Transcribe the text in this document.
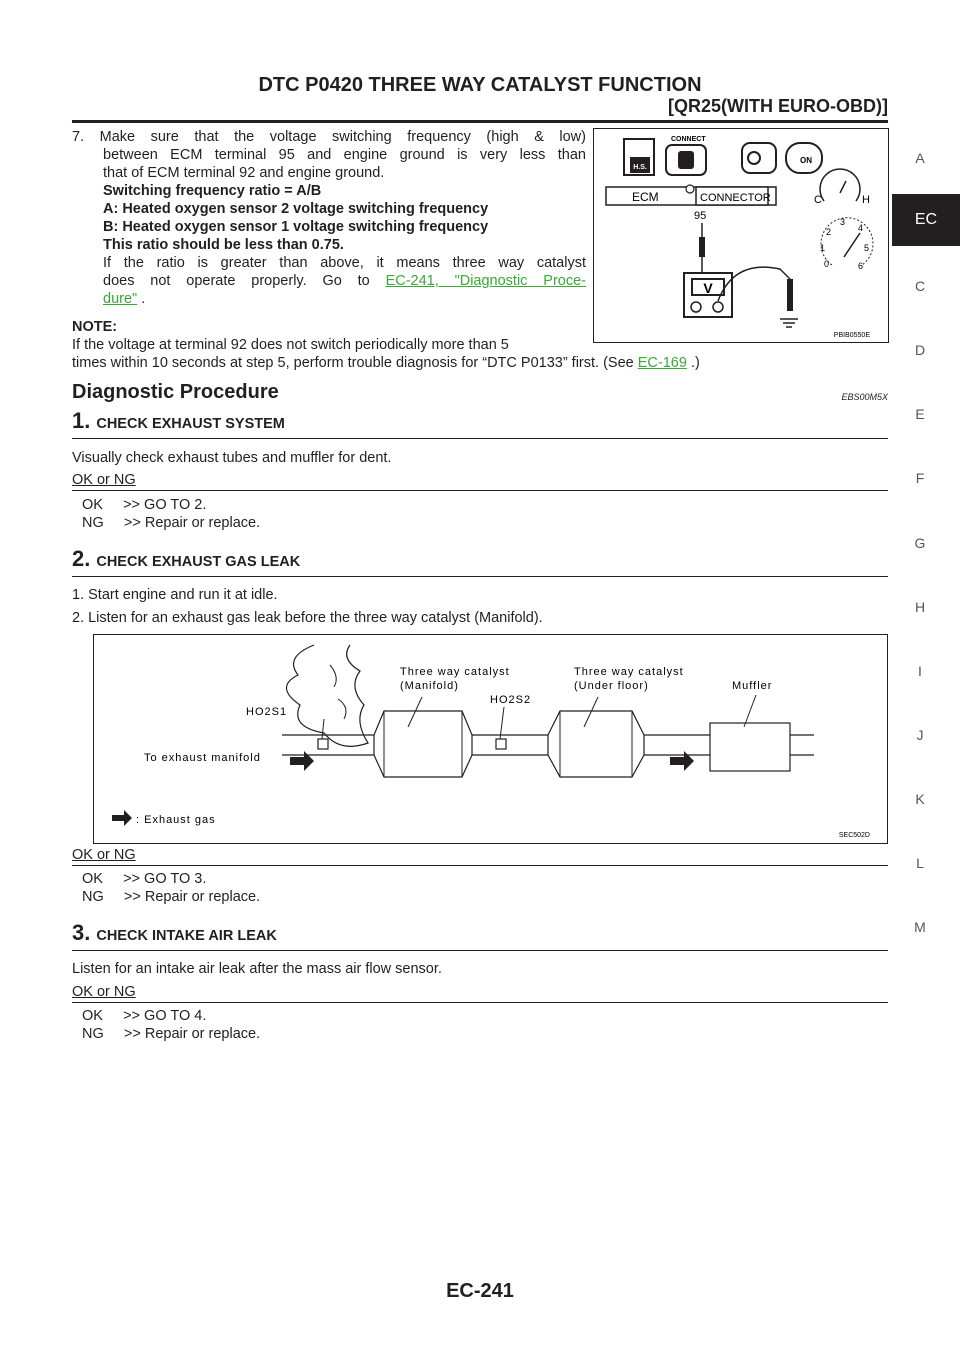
DTC P0420 THREE WAY CATALYST FUNCTION
[QR25(WITH EURO-OBD)]
A
EC
C
D
E
F
G
H
I
J
K
L
M
7. Make sure that the voltage switching frequency (high & low)
between ECM terminal 95 and engine ground is very less than
that of ECM terminal 92 and engine ground.
Switching frequency ratio = A/B
A: Heated oxygen sensor 2 voltage switching frequency
B: Heated oxygen sensor 1 voltage switching frequency
This ratio should be less than 0.75.
If the ratio is greater than above, it means three way catalyst
does not operate properly. Go to EC-241, "Diagnostic Proce-
dure" .
H.S.
CONNECT
ON
ECM	CONNECTOR
95
V
C	H
0
1
2
3
4
5
6
PBIB0550E
NOTE:
If the voltage at terminal 92 does not switch periodically more than 5
times within 10 seconds at step 5, perform trouble diagnosis for “DTC P0133” first. (See EC-169 .)
Diagnostic Procedure	EBS00M5X
1. CHECK EXHAUST SYSTEM
Visually check exhaust tubes and muffler for dent.
OK or NG
OK     >> GO TO 2.
NG     >> Repair or replace.
2. CHECK EXHAUST GAS LEAK
1. Start engine and run it at idle.
2. Listen for an exhaust gas leak before the three way catalyst (Manifold).
Three way catalyst
(Manifold)
Three way catalyst
(Under floor)	Muffler
HO2S1
HO2S2
To exhaust manifold
: Exhaust gas
SEC502D
OK or NG
OK     >> GO TO 3.
NG     >> Repair or replace.
3. CHECK INTAKE AIR LEAK
Listen for an intake air leak after the mass air flow sensor.
OK or NG
OK     >> GO TO 4.
NG     >> Repair or replace.
EC-241
